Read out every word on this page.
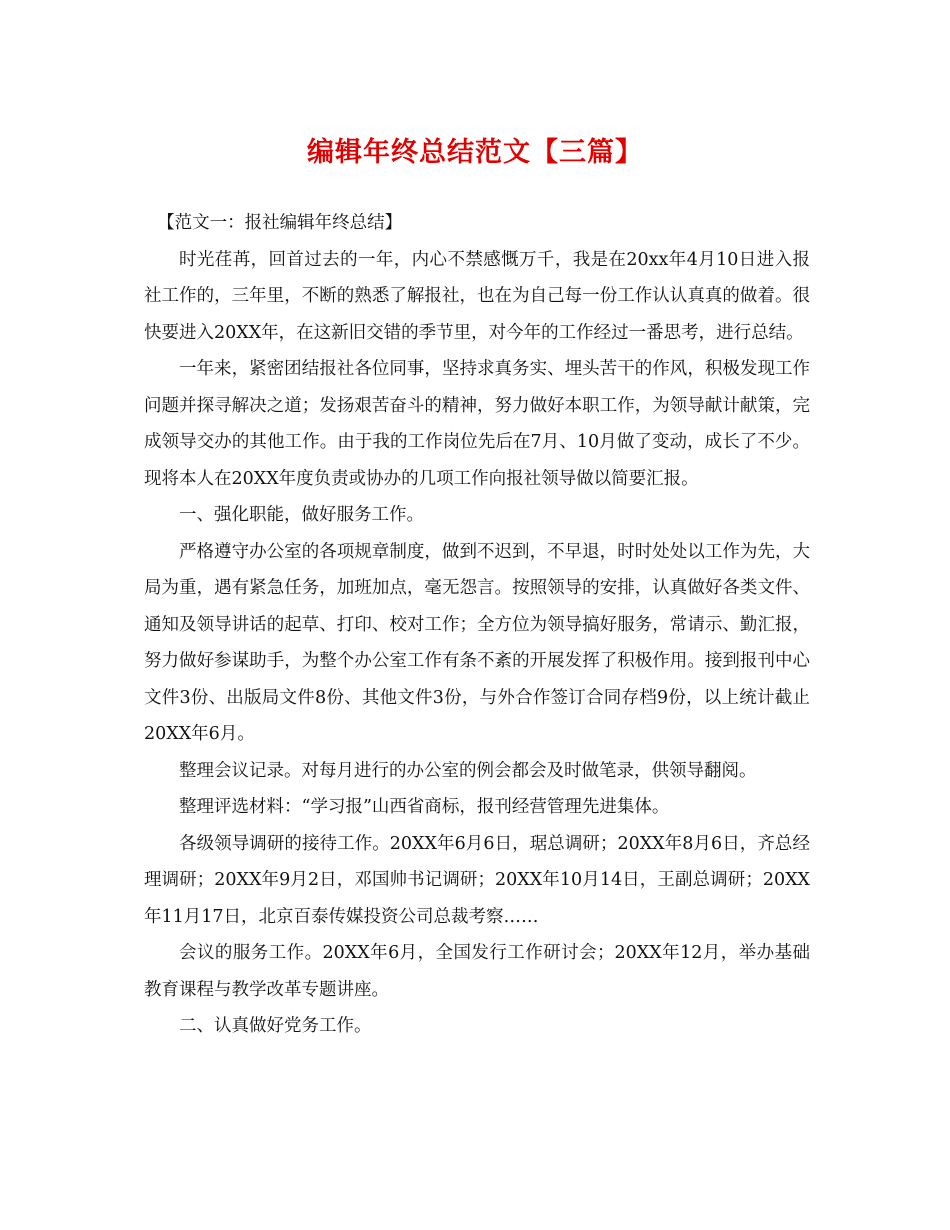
编辑年终总结范文【三篇】

【范文一：报社编辑年终总结】

时光荏苒，回首过去的一年，内心不禁感慨万千，我是在20xx年4月10日进入报社工作的，三年里，不断的熟悉了解报社，也在为自己每一份工作认认真真的做着。很快要进入20XX年，在这新旧交错的季节里，对今年的工作经过一番思考，进行总结。

一年来，紧密团结报社各位同事，坚持求真务实、埋头苦干的作风，积极发现工作问题并探寻解决之道；发扬艰苦奋斗的精神，努力做好本职工作，为领导献计献策，完成领导交办的其他工作。由于我的工作岗位先后在7月、10月做了变动，成长了不少。现将本人在20XX年度负责或协办的几项工作向报社领导做以简要汇报。

一、强化职能，做好服务工作。

严格遵守办公室的各项规章制度，做到不迟到，不早退，时时处处以工作为先，大局为重，遇有紧急任务，加班加点，毫无怨言。按照领导的安排，认真做好各类文件、通知及领导讲话的起草、打印、校对工作；全方位为领导搞好服务，常请示、勤汇报，努力做好参谋助手，为整个办公室工作有条不紊的开展发挥了积极作用。接到报刊中心文件3份、出版局文件8份、其他文件3份，与外合作签订合同存档9份，以上统计截止20XX年6月。

整理会议记录。对每月进行的办公室的例会都会及时做笔录，供领导翻阅。

整理评选材料：“学习报”山西省商标，报刊经营管理先进集体。

各级领导调研的接待工作。20XX年6月6日，琚总调研；20XX年8月6日，齐总经理调研；20XX年9月2日，邓国帅书记调研；20XX年10月14日，王副总调研；20XX年11月17日，北京百泰传媒投资公司总裁考察……

会议的服务工作。20XX年6月，全国发行工作研讨会；20XX年12月，举办基础教育课程与教学改革专题讲座。

二、认真做好党务工作。
